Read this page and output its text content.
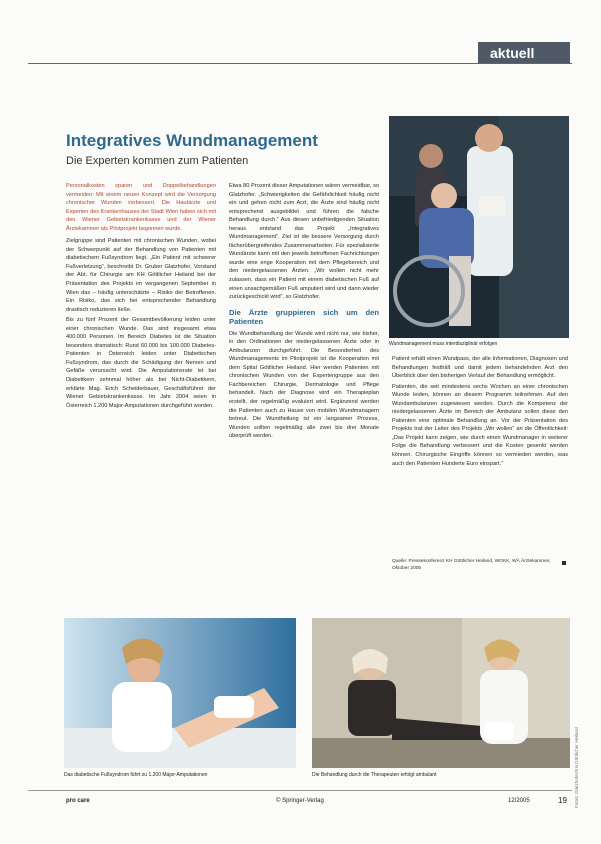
aktuell
Integratives Wundmanagement
Die Experten kommen zum Patienten
Wundmanagement muss interdisziplinär erfolgen

Personalkosten sparen und Doppelbehandlungen vermeiden: Mit einem neuen Konzept wird die Versorgung chronischer Wunden verbessert. Die Hautärzte und Experten des Krankenhauses der Stadt Wien haben sich mit den Wiener Gebietskrankenkasse und der Wiener Ärztekammer als Pilotprojekt begonnen wurde.

Zielgruppe sind Patienten mit chronischen Wunden, wobei der Schwerpunkt auf der Behandlung von Patienten mit diabetischem Fußsyndrom liegt. „Ein Patient mit schwerer Fußverletzung“, beschreibt Dr. Gruber Glatzhofer, Vorstand der Abt. für Chirurgie am KH Göttlicher Heiland bei der Präsentation des Projekts im vergangenen September in Wien das – häufig unterschätzte – Risiko der Betroffenen. Ein Risiko, das sich bei entsprechender Behandlung drastisch reduzieren ließe.

Bis zu fünf Prozent der Gesamtbevölkerung leiden unter einer chronischen Wunde. Das sind insgesamt etwa 400.000 Personen. Im Bereich Diabetes ist die Situation besonders dramatisch: Rund 60.000 bis 100.000 Diabetes-Patienten in Österreich leiden unter Diabetischen Fußsyndrom, das durch die Schädigung der Nerven und Gefäße verursacht wird. Die Amputationsrate ist bei Diabetikern zehnmal höher als bei Nicht-Diabetikern, erklärte Mag. Erich Scheiderbauer, Geschäftsführer der Wiener Gebietskrankenkasse. Im Jahr 2004 seien in Österreich 1.200 Major-Amputationen durchgeführt worden.

Etwa 80 Prozent dieser Amputationen wären vermeidbar, so Glatzhofer. „Schwierigkeiten die Gefährlichkeit häufig nicht ein und gehen nicht zum Arzt, die Ärzte sind häufig nicht entsprechend ausgebildet und führen die falsche Behandlung durch.“ Aus diesen unbefriedigenden Situation heraus entstand das Projekt „Integratives Wundmanagement“. Ziel ist die bessere Versorgung durch fächerübergreifendes Zusammenarbeiten. Für spezialisierte Wundärzte kann mit den jeweils betroffenen Fachrichtungen wurde eine enge Kooperation mit dem Pflegebereich und den niedergelassenen Ärzten. „Wir wollen nicht mehr zulassen, dass ein Patient mit einem diabetischen Fuß auf einen unsachgemäßen Fuß amputiert wird und dann wieder zurückgeschickt wird“, so Glatzhofer.

Die Ärzte gruppieren sich um den Patienten

Die Wundbehandlung der Wunde wird nicht nur, wie bisher, in den Ordinationen der niedergelassenen Ärzte oder in Ambulanzen durchgeführt. Die Besonderheit des Wundmanagements im Pilotprojekt ist die Kooperation mit dem Spital Göttlicher Heiland. Hier werden Patienten mit chronischen Wunden von der Expertengruppe aus den Fachbereichen Chirurgie, Dermatologie und Pflege behandelt. Nach der Diagnose wird ein Therapieplan erstellt, der regelmäßig evaluiert wird. Ergänzend werden die Patienten auch zu Hause von mobilen Wundmanagern betreut. Die Wundheilung ist ein langsamer Prozess, Wunden sollten regelmäßig alle zwei bis drei Monate überprüft werden.

Patient erhält einen Wundpass, der alle Informationen, Diagnosen und Behandlungen festhält und damit jedem behandelnden Arzt den Überblick über den bisherigen Verlauf der Behandlung ermöglicht.

Patienten, die seit mindestens sechs Wochen an einer chronischen Wunde leiden, können an diesem Programm teilnehmen. Auf den Wundambulanzen zugewiesen werden. Durch die Kompetenz der niedergelassenen Ärzte im Bereich der Ambulanz sollen diese den Patienten eine optimale Behandlung an. Vor der Präsentation des Projekts trat der Leiter des Projekts „Wir wollen“ an die Öffentlichkeit: „Das Projekt kann zeigen, wie durch einen Wundmanager in weiterer Folge die Behandlung verbessert und die Kosten gesenkt werden können. Chirurgische Eingriffe können so vermieden werden, was auch den Patienten Hunderte Euro einspart.“

Quelle: Pressekonferenz KH Göttlicher Heiland, WGKK, WÄ Ärztekammer, Oktober 2005
Das diabetische Fußsyndrom führt zu 1.200 Major-Amputationen	Die Behandlung durch die Therapeuten erfolgt ambulant	Fotos: Glatzhofer/KH Göttlicher Heiland
pro care	© Springer-Verlag	12/2005	19
